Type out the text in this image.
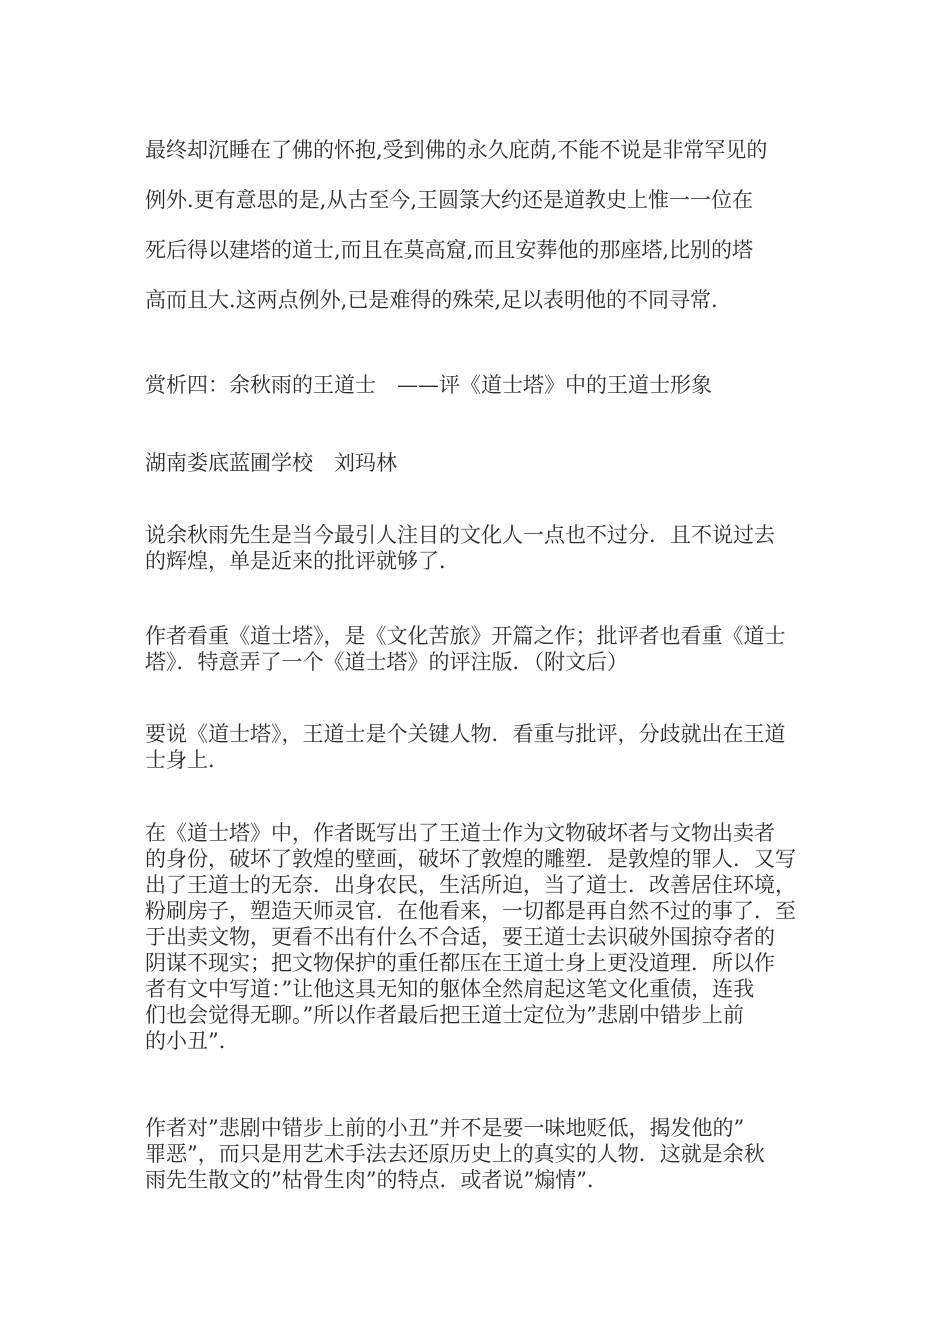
最终却沉睡在了佛的怀抱,受到佛的永久庇荫,不能不说是非常罕见的
例外.更有意思的是,从古至今,王圆箓大约还是道教史上惟一一位在
死后得以建塔的道士,而且在莫高窟,而且安葬他的那座塔,比别的塔
高而且大.这两点例外,已是难得的殊荣,足以表明他的不同寻常.
赏析四：余秋雨的王道士　——评《道士塔》中的王道士形象
湖南娄底蓝圃学校　刘玛林
说余秋雨先生是当今最引人注目的文化人一点也不过分．且不说过去
的辉煌，单是近来的批评就够了．
作者看重《道士塔》，是《文化苦旅》开篇之作；批评者也看重《道士
塔》．特意弄了一个《道士塔》的评注版．（附文后）
要说《道士塔》，王道士是个关键人物．看重与批评，分歧就出在王道
士身上．
在《道士塔》中，作者既写出了王道士作为文物破坏者与文物出卖者
的身份，破坏了敦煌的壁画，破坏了敦煌的雕塑．是敦煌的罪人．又写
出了王道士的无奈．出身农民，生活所迫，当了道士．改善居住环境，
粉刷房子，塑造天师灵官．在他看来，一切都是再自然不过的事了．至
于出卖文物，更看不出有什么不合适，要王道士去识破外国掠夺者的
阴谋不现实；把文物保护的重任都压在王道士身上更没道理．所以作
者有文中写道：”让他这具无知的躯体全然肩起这笔文化重债，连我
们也会觉得无聊。”所以作者最后把王道士定位为”悲剧中错步上前
的小丑”．
作者对”悲剧中错步上前的小丑”并不是要一味地贬低，揭发他的”
罪恶”，而只是用艺术手法去还原历史上的真实的人物．这就是余秋
雨先生散文的”枯骨生肉”的特点．或者说”煽情”．
